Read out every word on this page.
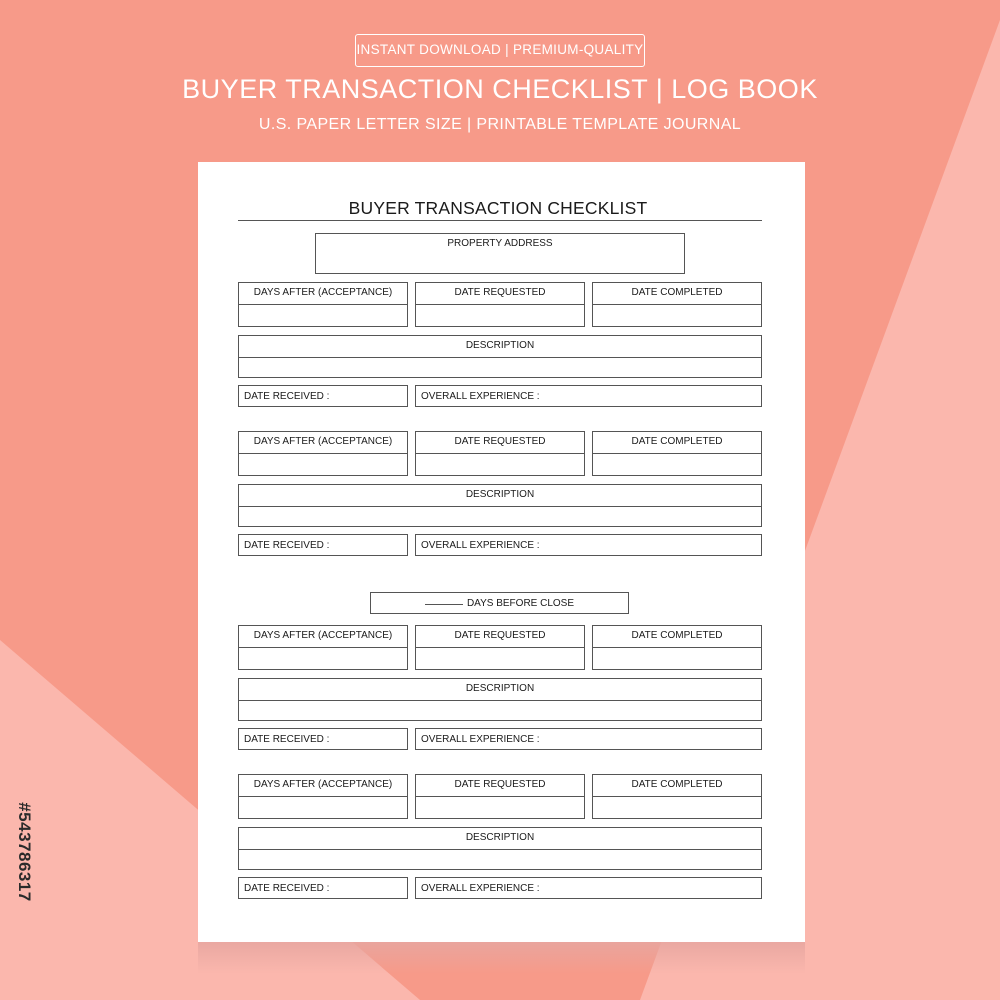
INSTANT DOWNLOAD | PREMIUM-QUALITY
BUYER TRANSACTION CHECKLIST | LOG BOOK
U.S. PAPER LETTER SIZE | PRINTABLE TEMPLATE JOURNAL
#543786317
BUYER TRANSACTION CHECKLIST
PROPERTY ADDRESS
DAYS BEFORE CLOSE
DAYS AFTER (ACCEPTANCE)	DATE REQUESTED	DATE COMPLETED
DESCRIPTION
DATE RECEIVED :	OVERALL EXPERIENCE :
DAYS AFTER (ACCEPTANCE)	DATE REQUESTED	DATE COMPLETED
DESCRIPTION
DATE RECEIVED :	OVERALL EXPERIENCE :
DAYS AFTER (ACCEPTANCE)	DATE REQUESTED	DATE COMPLETED
DESCRIPTION
DATE RECEIVED :	OVERALL EXPERIENCE :
DAYS AFTER (ACCEPTANCE)	DATE REQUESTED	DATE COMPLETED
DESCRIPTION
DATE RECEIVED :	OVERALL EXPERIENCE :
